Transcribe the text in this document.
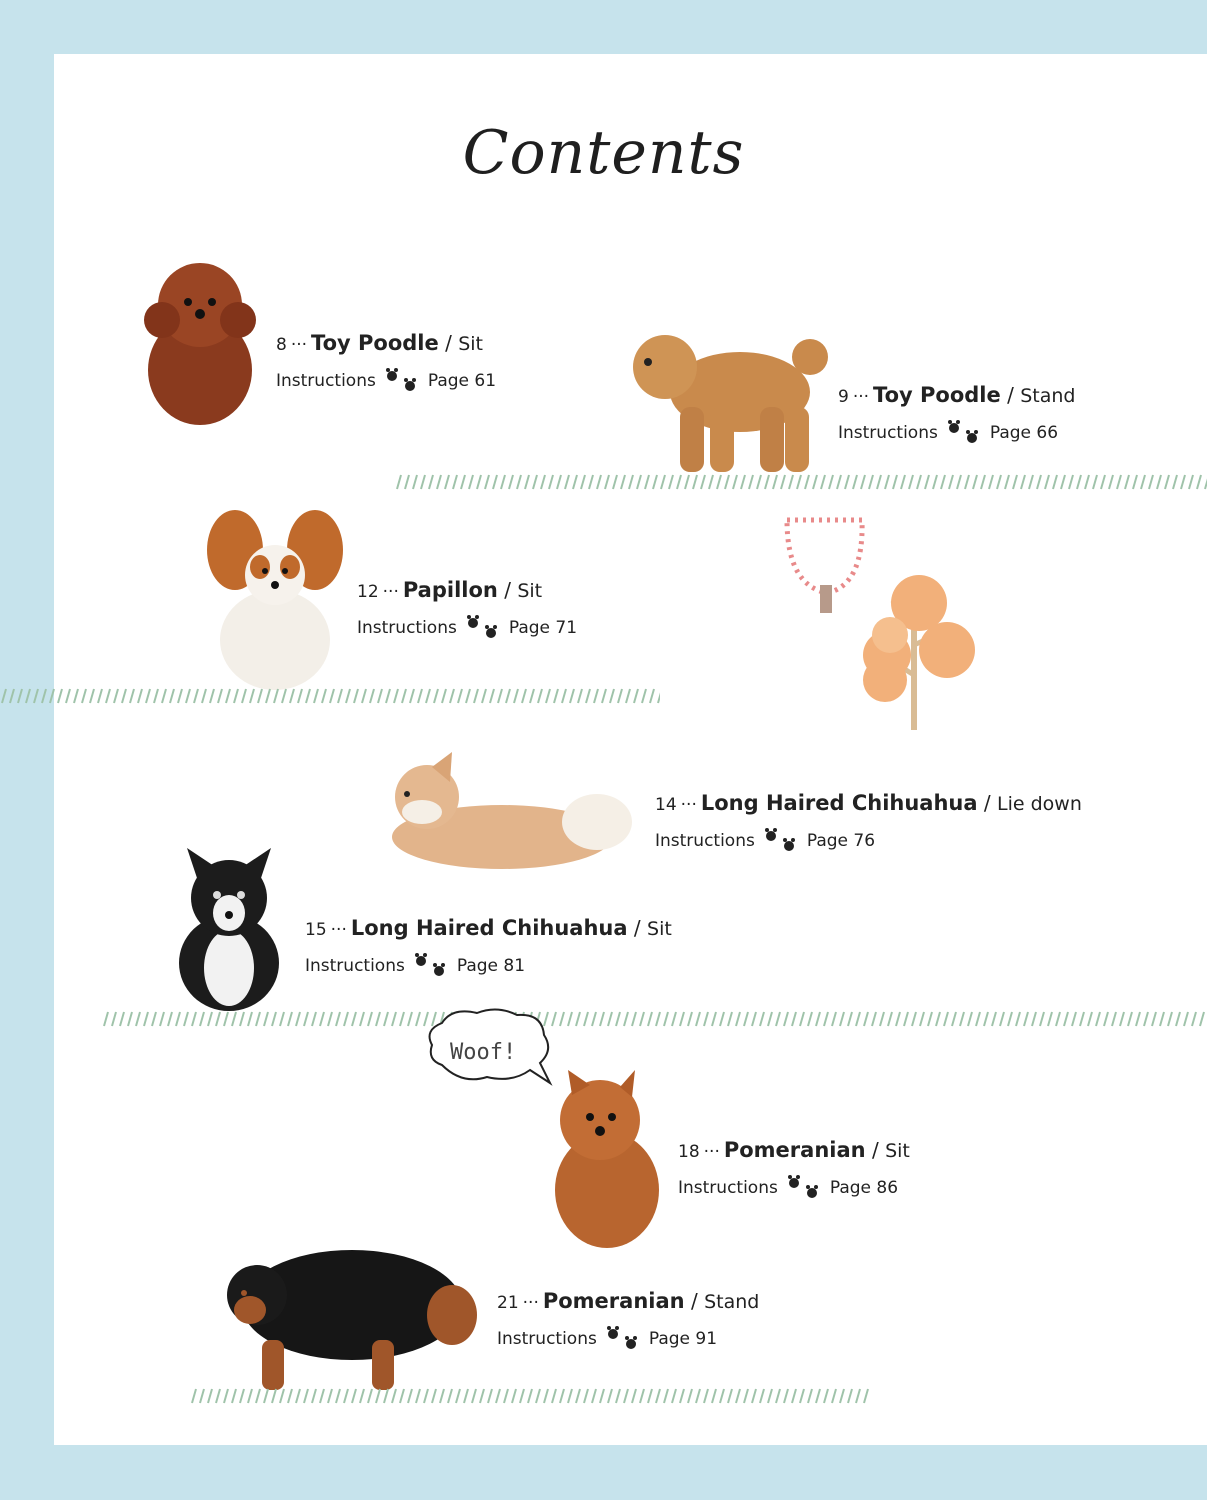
Contents
Woof!
8 ··· Toy Poodle / Sit
Instructions	Page 61
9 ··· Toy Poodle / Stand
Instructions	Page 66
12 ··· Papillon / Sit
Instructions	Page 71
14 ··· Long Haired Chihuahua / Lie down
Instructions	Page 76
15 ··· Long Haired Chihuahua / Sit
Instructions	Page 81
18 ··· Pomeranian / Sit
Instructions	Page 86
21 ··· Pomeranian / Stand
Instructions	Page 91
